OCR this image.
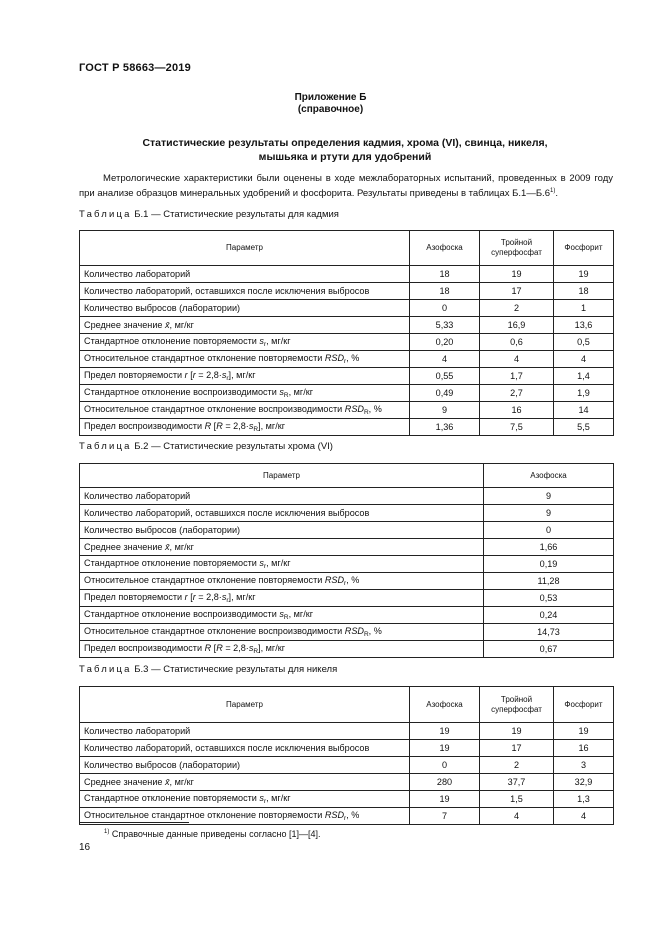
ГОСТ Р 58663—2019
Приложение Б
(справочное)
Статистические результаты определения кадмия, хрома (VI), свинца, никеля,
мышьяка и ртути для удобрений

Метрологические характеристики были оценены в ходе межлабораторных испытаний, проведенных в 2009 году при анализе образцов минеральных удобрений и фосфорита. Результаты приведены в таблицах Б.1—Б.6$^{1)}$.

Таблица Б.1 — Статистические результаты для кадмия
Параметр	Азофоска	Тройной суперфосфат	Фосфорит
Количество лабораторий	18	19	19
Количество лабораторий, оставшихся после исключения выбросов	18	17	18
Количество выбросов (лаборатории)	0	2	1
Среднее значение x̄, мг/кг	5,33	16,9	13,6
Стандартное отклонение повторяемости $s_r$, мг/кг	0,20	0,6	0,5
Относительное стандартное отклонение повторяемости $RSD_r$, %	4	4	4
Предел повторяемости r $[r = 2,8\cdot s_r]$, мг/кг	0,55	1,7	1,4
Стандартное отклонение воспроизводимости $s_R$, мг/кг	0,49	2,7	1,9
Относительное стандартное отклонение воспроизводимости $RSD_R$, %	9	16	14
Предел воспроизводимости R $[R = 2,8\cdot s_R]$, мг/кг	1,36	7,5	5,5
Таблица Б.2 — Статистические результаты хрома (VI)
Параметр	Азофоска
Количество лабораторий	9
Количество лабораторий, оставшихся после исключения выбросов	9
Количество выбросов (лаборатории)	0
Среднее значение x̄, мг/кг	1,66
Стандартное отклонение повторяемости $s_r$, мг/кг	0,19
Относительное стандартное отклонение повторяемости $RSD_r$, %	11,28
Предел повторяемости r $[r = 2,8\cdot s_r]$, мг/кг	0,53
Стандартное отклонение воспроизводимости $s_R$, мг/кг	0,24
Относительное стандартное отклонение воспроизводимости $RSD_R$, %	14,73
Предел воспроизводимости R $[R = 2,8\cdot s_R]$, мг/кг	0,67
Таблица Б.3 — Статистические результаты для никеля
Параметр	Азофоска	Тройной суперфосфат	Фосфорит
Количество лабораторий	19	19	19
Количество лабораторий, оставшихся после исключения выбросов	19	17	16
Количество выбросов (лаборатории)	0	2	3
Среднее значение x̄, мг/кг	280	37,7	32,9
Стандартное отклонение повторяемости $s_r$, мг/кг	19	1,5	1,3
Относительное стандартное отклонение повторяемости $RSD_r$, %	7	4	4
$^{1)}$ Справочные данные приведены согласно [1]—[4].
16
